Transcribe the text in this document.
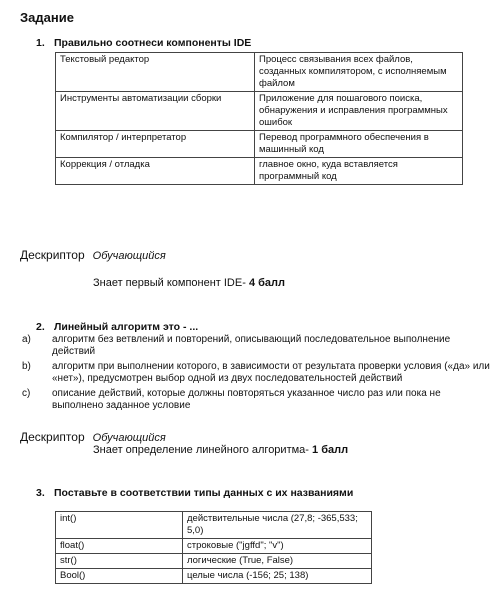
Задание
1. Правильно соотнеси компоненты IDE
Текстовый редактор	Процесс связывания всех файлов, созданных компилятором, с исполняемым файлом
Инструменты автоматизации сборки	Приложение для пошагового поиска, обнаружения и исправления программных ошибок
Компилятор / интерпретатор	Перевод программного обеспечения в машинный код
Коррекция / отладка	главное окно, куда вставляется программный код
Дескриптор Обучающийся
Знает первый компонент IDE- 4 балл
2. Линейный алгоритм это - ...
a) алгоритм без ветвлений и повторений, описывающий последовательное выполнение действий
b) алгоритм при выполнении которого, в зависимости от результата проверки условия («да» или «нет»), предусмотрен выбор одной из двух последовательностей действий
c) описание действий, которые должны повторяться указанное число раз или пока не выполнено заданное условие
Дескриптор Обучающийся
Знает определение линейного алгоритма- 1 балл
3. Поставьте в соответствии типы данных с их названиями
int()	действительные числа (27,8; -365,533; 5,0)
float()	строковые ("jgffd"; "v")
str()	логические (True, False)
Bool()	целые числа (-156; 25; 138)
